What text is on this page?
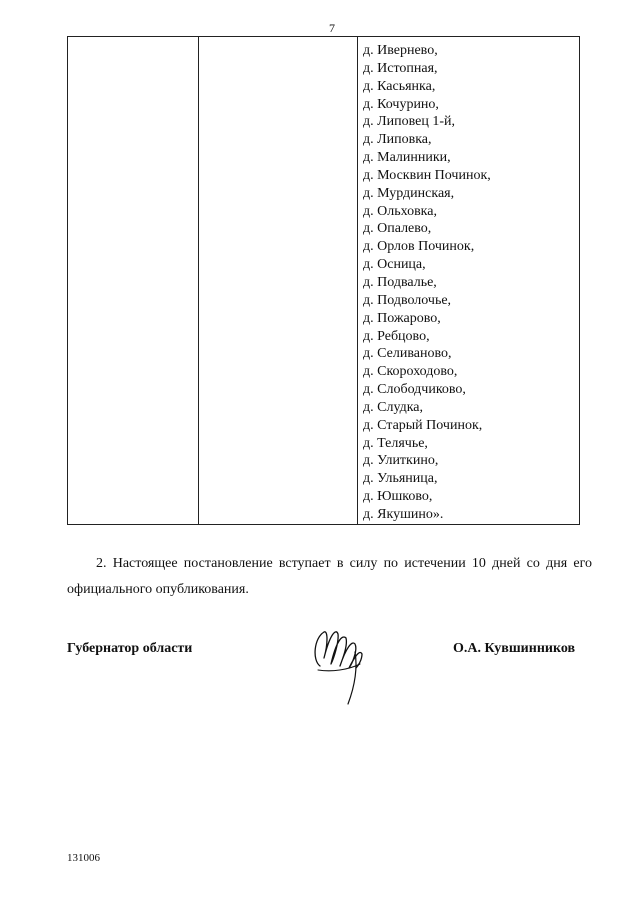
7

д. Иверневo,
д. Истопная,
д. Касьянка,
д. Кочурино,
д. Липовец 1-й,
д. Липовка,
д. Малинники,
д. Москвин Починок,
д. Мурдинская,
д. Ольховка,
д. Опалево,
д. Орлов Починок,
д. Осница,
д. Подвалье,
д. Подволочье,
д. Пожарово,
д. Ребцово,
д. Селиваново,
д. Скороходово,
д. Слободчиково,
д. Слудка,
д. Старый Починок,
д. Телячье,
д. Улиткино,
д. Ульяница,
д. Юшково,
д. Якушино».

2. Настоящее постановление вступает в силу по истечении 10 дней со дня его официального опубликования.

Губернатор области	О.А. Кувшинников
131006
